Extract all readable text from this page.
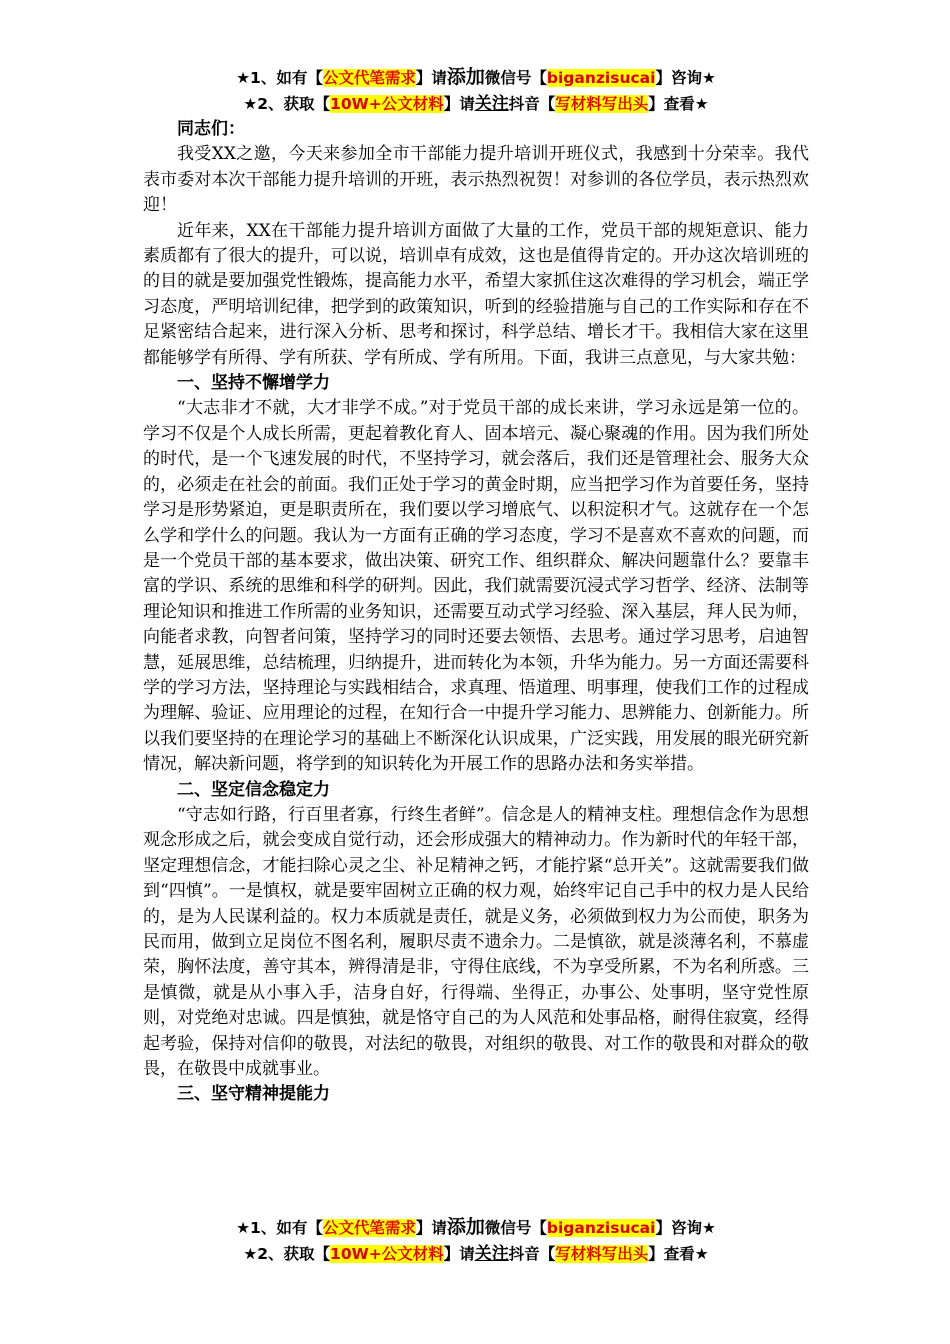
★1、如有【公文代笔需求】请添加微信号【biganzisucai】咨询★
★2、获取【10W+公文材料】请关注抖音【写材料写出头】查看★

同志们：

我受XX之邀，今天来参加全市干部能力提升培训开班仪式，我感到十分荣幸。我代表市委对本次干部能力提升培训的开班，表示热烈祝贺！对参训的各位学员，表示热烈欢迎！

近年来，XX在干部能力提升培训方面做了大量的工作，党员干部的规矩意识、能力素质都有了很大的提升，可以说，培训卓有成效，这也是值得肯定的。开办这次培训班的的目的就是要加强党性锻炼，提高能力水平，希望大家抓住这次难得的学习机会，端正学习态度，严明培训纪律，把学到的政策知识，听到的经验措施与自己的工作实际和存在不足紧密结合起来，进行深入分析、思考和探讨，科学总结、增长才干。我相信大家在这里都能够学有所得、学有所获、学有所成、学有所用。下面，我讲三点意见，与大家共勉：

一、坚持不懈增学力

“大志非才不就，大才非学不成。”对于党员干部的成长来讲，学习永远是第一位的。学习不仅是个人成长所需，更起着教化育人、固本培元、凝心聚魂的作用。因为我们所处的时代，是一个飞速发展的时代，不坚持学习，就会落后，我们还是管理社会、服务大众的，必须走在社会的前面。我们正处于学习的黄金时期，应当把学习作为首要任务，坚持学习是形势紧迫，更是职责所在，我们要以学习增底气、以积淀积才气。这就存在一个怎么学和学什么的问题。我认为一方面有正确的学习态度，学习不是喜欢不喜欢的问题，而是一个党员干部的基本要求，做出决策、研究工作、组织群众、解决问题靠什么？要靠丰富的学识、系统的思维和科学的研判。因此，我们就需要沉浸式学习哲学、经济、法制等理论知识和推进工作所需的业务知识，还需要互动式学习经验、深入基层，拜人民为师，向能者求教，向智者问策，坚持学习的同时还要去领悟、去思考。通过学习思考，启迪智慧，延展思维，总结梳理，归纳提升，进而转化为本领，升华为能力。另一方面还需要科学的学习方法，坚持理论与实践相结合，求真理、悟道理、明事理，使我们工作的过程成为理解、验证、应用理论的过程，在知行合一中提升学习能力、思辨能力、创新能力。所以我们要坚持的在理论学习的基础上不断深化认识成果，广泛实践，用发展的眼光研究新情况，解决新问题，将学到的知识转化为开展工作的思路办法和务实举措。

二、坚定信念稳定力

“守志如行路，行百里者寡，行终生者鲜”。信念是人的精神支柱。理想信念作为思想观念形成之后，就会变成自觉行动，还会形成强大的精神动力。作为新时代的年轻干部，坚定理想信念，才能扫除心灵之尘、补足精神之钙，才能拧紧“总开关”。这就需要我们做到“四慎”。一是慎权，就是要牢固树立正确的权力观，始终牢记自己手中的权力是人民给的，是为人民谋利益的。权力本质就是责任，就是义务，必须做到权力为公而使，职务为民而用，做到立足岗位不图名利，履职尽责不遗余力。二是慎欲，就是淡薄名利，不慕虚荣，胸怀法度，善守其本，辨得清是非，守得住底线，不为享受所累，不为名利所惑。三是慎微，就是从小事入手，洁身自好，行得端、坐得正，办事公、处事明，坚守党性原则，对党绝对忠诚。四是慎独，就是恪守自己的为人风范和处事品格，耐得住寂寞，经得起考验，保持对信仰的敬畏，对法纪的敬畏，对组织的敬畏、对工作的敬畏和对群众的敬畏，在敬畏中成就事业。

三、坚守精神提能力

★1、如有【公文代笔需求】请添加微信号【biganzisucai】咨询★
★2、获取【10W+公文材料】请关注抖音【写材料写出头】查看★
